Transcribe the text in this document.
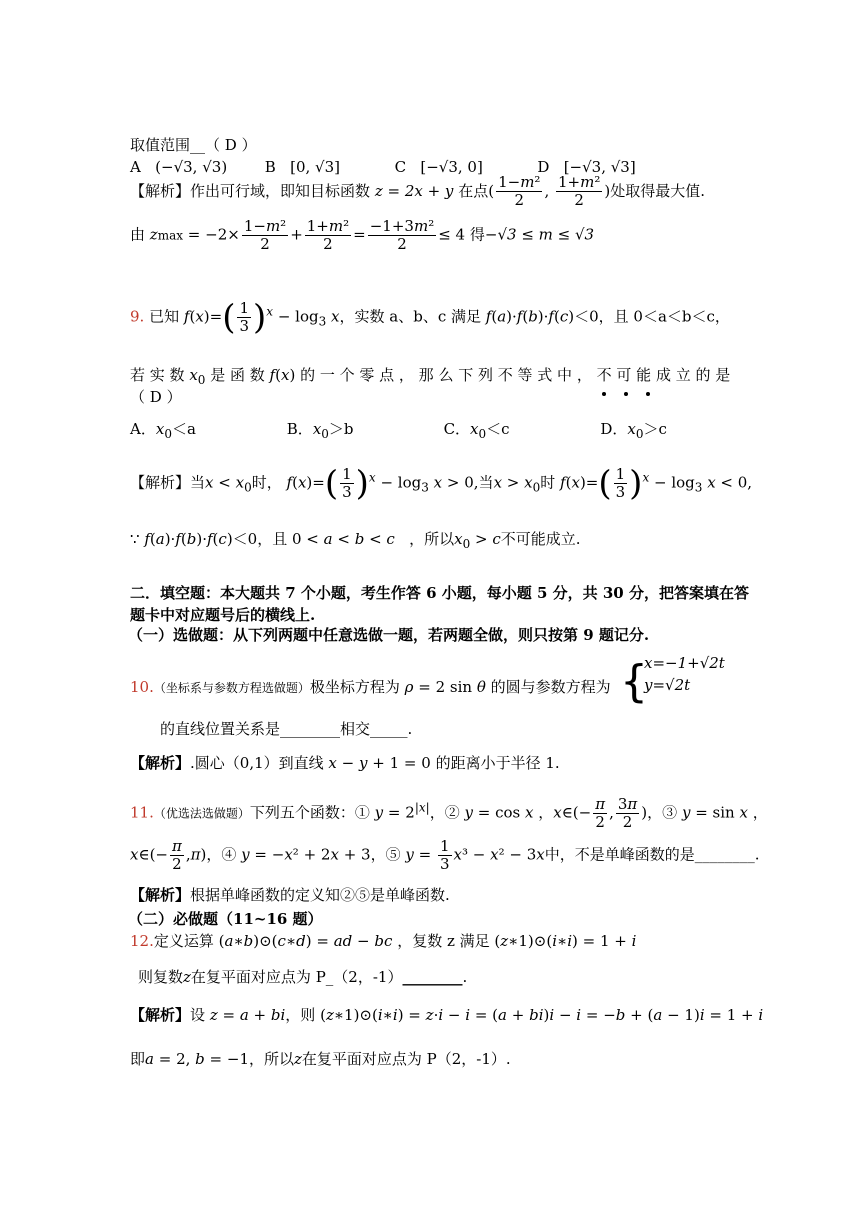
取值范围__（ D ）
A (−√3, √3)	B [0, √3]	C [−√3, 0]	D [−√3, √3]
【解析】作出可行域，即知目标函数 z = 2x + y 在点( $\frac{\text{1−m²}}{2}$ , $\frac{\text{1+m²}}{2}$ )处取得最大值.
由 $zmax = -2\times \frac{\text{1−m²}}{2} + \frac{\text{1+m²}}{2} = \frac{\text{−1+3m²}}{2} \le 4$ 得−√3 ≤ m ≤ √3
9. 已知 $f(x)=( \frac{1}{3} )^x - \log_3 x$，实数 a、b、c 满足 f(a)·f(b)·f(c)＜0，且 0＜a＜b＜c，
若 实 数 $x_0$ 是 函 数 f(x) 的 一 个 零 点 ， 那 么 下 列 不 等 式 中 ， 不 可 能 成 立 的 是
（ D ）
A．$x_0<a$	B．$x_0>b$	C．$x_0<c$	D．$x_0>c$
【解析】当$x < x_0$时， $f(x)=( \frac{1}{3} )^x - \log_3 x > 0$,当$x > x_0$时 $f(x)=( \frac{1}{3} )^x - \log_3 x < 0$,
∵ f(a)·f(b)·f(c)＜0，且 0 < a < b < c ，所以$x_0 > c$不可能成立.
二．填空题：本大题共 7 个小题，考生作答 6 小题，每小题 5 分，共 30 分，把答案填在答
题卡中对应题号后的横线上.
（一）选做题：从下列两题中任意选做一题，若两题全做，则只按第 9 题记分.
10.（坐标系与参数方程选做题）极坐标方程为 ρ = 2 sin θ 的圆与参数方程为 {
x=−1+√2t
y=√2t
的直线位置关系是________相交_____.
【解析】.圆心（0,1）到直线 x − y + 1 = 0 的距离小于半径 1.
11.（优选法选做题）下列五个函数：① $y = 2^{|x|}$，② y = cos x ，x∈(− $\frac{\pi}{2}$ , $\frac{3\pi}{2}$ )，③ y = sin x ，
x∈(− $\frac{\pi}{2} ,\pi$)，④ y = −x² + 2x + 3，⑤ $y = \frac{1}{3} x^3 - x^2 - 3x$中，不是单峰函数的是________.
【解析】根据单峰函数的定义知②⑤是单峰函数.
（二）必做题（11~16 题）
12.定义运算 (a∗b)⊙(c∗d) = ad − bc ，复数 z 满足 (z∗1)⊙(i∗i) = 1 + i
则复数z在复平面对应点为 P_（2，-1）________.
【解析】设 z = a + bi，则 (z∗1)⊙(i∗i) = z·i − i = (a + bi)i − i = −b + (a − 1)i = 1 + i
即a = 2, b = −1，所以z在复平面对应点为 P（2，-1）.
